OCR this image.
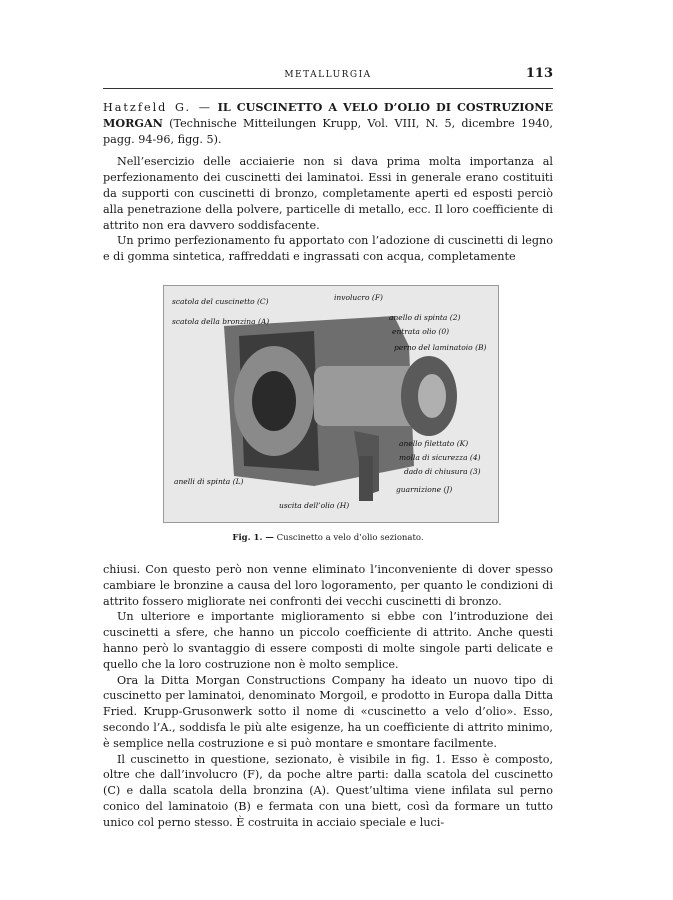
METALLURGIA	113

Hatzfeld G. — IL CUSCINETTO A VELO D’OLIO DI COSTRUZIONE MORGAN (Technische Mitteilungen Krupp, Vol. VIII, N. 5, dicembre 1940, pagg. 94-96, figg. 5).

Nell’esercizio delle acciaierie non si dava prima molta importanza al perfezionamento dei cuscinetti dei laminatoi. Essi in generale erano costituiti da supporti con cuscinetti di bronzo, completamente aperti ed esposti perciò alla penetrazione della polvere, particelle di metallo, ecc. Il loro coefficiente di attrito non era davvero soddisfacente.

Un primo perfezionamento fu apportato con l’adozione di cuscinetti di legno e di gomma sintetica, raffreddati e ingrassati con acqua, completamente

scatola del cuscinetto (C)
scatola della bronzina (A)
involucro (F)
anello di spinta (2)
entrata olio (0)
perno del laminatoio (B)
anello filettato (K)
molla di sicurezza (4)
dado di chiusura (3)
anelli di spinta (L)
uscita dell’olio (H)
guarnizione (J)
Fig. 1. — Cuscinetto a velo d’olio sezionato.

chiusi. Con questo però non venne eliminato l’inconveniente di dover spesso cambiare le bronzine a causa del loro logoramento, per quanto le condizioni di attrito fossero migliorate nei confronti dei vecchi cuscinetti di bronzo.

Un ulteriore e importante miglioramento si ebbe con l’introduzione dei cuscinetti a sfere, che hanno un piccolo coefficiente di attrito. Anche questi hanno però lo svantaggio di essere composti di molte singole parti delicate e quello che la loro costruzione non è molto semplice.

Ora la Ditta Morgan Constructions Company ha ideato un nuovo tipo di cuscinetto per laminatoi, denominato Morgoil, e prodotto in Europa dalla Ditta Fried. Krupp-Grusonwerk sotto il nome di «cuscinetto a velo d’olio». Esso, secondo l’A., soddisfa le più alte esigenze, ha un coefficiente di attrito minimo, è semplice nella costruzione e si può montare e smontare facilmente.

Il cuscinetto in questione, sezionato, è visibile in fig. 1. Esso è composto, oltre che dall’involucro (F), da poche altre parti: dalla scatola del cuscinetto (C) e dalla scatola della bronzina (A). Quest’ultima viene infilata sul perno conico del laminatoio (B) e fermata con una biett, così da formare un tutto unico col perno stesso. È costruita in acciaio speciale e luci-
